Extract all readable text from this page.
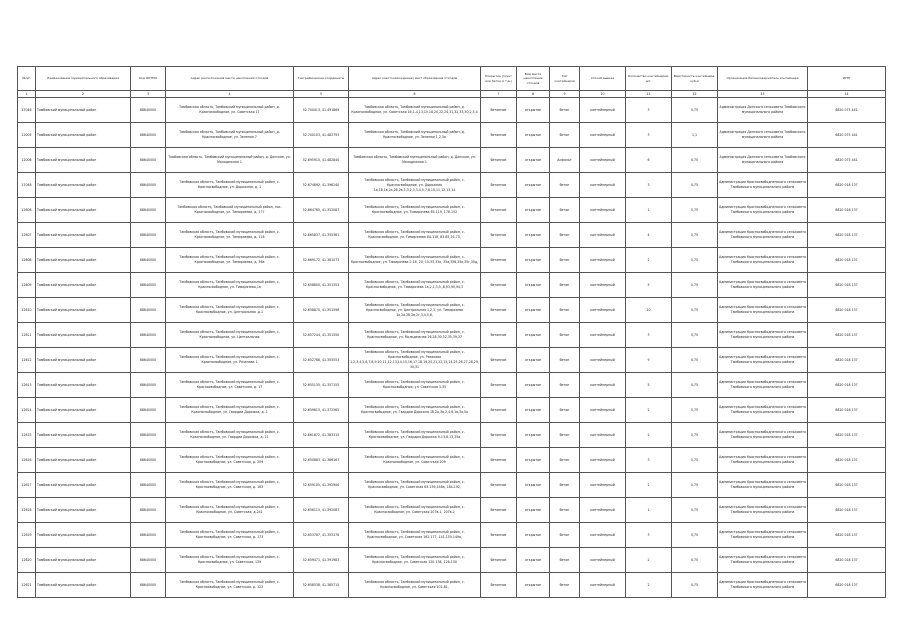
№п/п	Наименование муниципального образования	Код ОКТМО	Адрес расположения места накопления отходов	Географические координаты	Адрес (местонахождение) мест образования отходов	Покрытие (грунт или бетон и т.д.)	Вид места накопления отходов	Тип контейнеров	Способ вывоза	Количество контейнеров, шт.	Вместимость контейнера, куб.м	Организация-балансодержатель контейнера	ИНН
1	2	3	4	5	6	7	8	9	10	11	12	13	14
17046	Тамбовский муниципальный район	68640000	Тамбовская область, Тамбовский муниципальный район, д. Красносвободное, ул. Советская 17	52.700413, 41.491869	Тамбовская область, Тамбовский муниципальный район, д. Красносвободное, ул. Советская 16,1-4,13,15,18,20,22,24,31,32,33,30,2,3,4	бетонное	открытое	бетон	контейнерный	3	0,75	Администрация Донского сельсовета Тамбовского муниципального района	6820 075 441
12005	Тамбовский муниципальный район	68640000	Тамбовская область, Тамбовский муниципальный район, д. Красносвободное, ул. Зеленая 7	52.700103, 41.483793	Тамбовская область, Тамбовский муниципальный район, д. Красносвободное, ул. Зеленая 1,2,3а	бетонное	открытое	бетон	контейнерный	3	1,1	Администрация Донского сельсовета Тамбовского муниципального района	6820 075 441
12006	Тамбовский муниципальный район	68640000	Тамбовская область, Тамбовский муниципальный район, д. Донское, ул. Молодежная 1	52.695910, 41.482840	Тамбовская область, Тамбовский муниципальный район, д. Донское, ул. Молодежная 1	бетонное	открытое	Асфальт	контейнерный	6	0,75	Администрация Донского сельсовета Тамбовского муниципального района	6820 075 441
17048	Тамбовский муниципальный район	68640000	Тамбовская область, Тамбовский муниципальный район, с. Красносвободное, ул. Дорожная, д. 1	52.674892, 41.396240	Тамбовская область, Тамбовский муниципальный район, с. Красносвободное, ул. Дорожная 1а,1б,1в,2а,2б,2в,3,3,2,3,3,4,5,7,8,10,11,12,13,14	бетонное	открытое	бетон	контейнерный	3	0,75	Администрация Красносвободненского сельсовета Тамбовского муниципального района	6820 018 137
12606	Тамбовский муниципальный район	68640000	Тамбовская область, Тамбовский муниципальный район, пос. Красносвободное, ул. Тимирязева, д. 177	52.664765, 41.352087	Тамбовская область, Тамбовский муниципальный район, с. Красносвободное, ул. Тимирязева 65-119, 178-152	бетонное	открытое	бетон	контейнерный	1	0,75	Администрация Красносвободненского сельсовета Тамбовского муниципального района	6820 018 137
12607	Тамбовский муниципальный район	68640000	Тамбовская область, Тамбовский муниципальный район, с. Красносвободное, ул. Тимирязева, д. 118	52.665837, 41.355361	Тамбовская область, Тамбовский муниципальный район, с. Красносвободное, ул. Тимирязева 84-118, 83-85,25-70,	бетонное	открытое	бетон	контейнерный	4	0,75	Администрация Красносвободненского сельсовета Тамбовского муниципального района	6820 018 137
12608	Тамбовский муниципальный район	68640000	Тамбовская область, Тамбовский муниципальный район, с. Красносвободное, ул. Тимирязева, д. 36а	52.669172, 41.361072	Тамбовская область, Тамбовский муниципальный район, с. Красносвободное, ул. Тимирязева 2-16, 20, 15-33,33а, 35а,35б,35в,35г,35д,	бетонное	открытое	бетон	контейнерный	2	0,75	Администрация Красносвободненского сельсовета Тамбовского муниципального района	6820 018 137
12609	Тамбовский муниципальный район	68640000	Тамбовская область, Тамбовский муниципальный район, с. Красносвободное, ул. Тимирязева,1а	52.658800, 41.351353	Тамбовская область, Тамбовский муниципальный район, с. Красносвободное, ул. Тимирязева 1а,2,1,3,5,,8,93,95,94,3	бетонное	открытое	бетон	контейнерный	5	0,75	Администрация Красносвободненского сельсовета Тамбовского муниципального района	6820 018 137
12610	Тамбовский муниципальный район	68640000	Тамбовская область, Тамбовский муниципальный район, с. Красносвободное, ул. Центральная ,д.1	52.658870, 41.351598	Тамбовская область, Тамбовский муниципальный район, с. Красносвободное, ул. Центральная 1,2,3, ул. Тимирязева 1а,2а,2б,2в,2г,3,4,5,6,	бетонное	открытое	бетон	контейнерный	10	0,75	Администрация Красносвободненского сельсовета Тамбовского муниципального района	6820 018 137
12611	Тамбовский муниципальный район	68640000	Тамбовская область, Тамбовский муниципальный район, с. Красносвободное, ул. Центральная	52.657244, 41.351550	Тамбовская область, Тамбовский муниципальный район, с. Красносвободное, ул. Молодежная 26,28,30,32,35,39,37	бетонное	открытое	бетон	контейнерный	3	0,75	Администрация Красносвободненского сельсовета Тамбовского муниципального района	6820 018 137
12612	Тамбовский муниципальный район	68640000	Тамбовская область, Тамбовский муниципальный район, с. Красносвободное, ул. Рязанова 1	52.652788, 41.355553	Тамбовская область, Тамбовский муниципальный район, с. Красносвободное, ул. Рязанова 1,2,3,4,5,6,7,8,9,10,11,12,13,14,15,16,17,18,19,20,21,22,23,24,25,26,27,28,29,30,31	бетонное	открытое	бетон	контейнерный	9	0,75	Администрация Красносвободненского сельсовета Тамбовского муниципального района	6820 018 137
12613	Тамбовский муниципальный район	68640000	Тамбовская область, Тамбовский муниципальный район, с. Красносвободное, ул. Советская, д. 17	52.655135, 41.357155	Тамбовская область, Тамбовский муниципальный район, с. Красносвободное, ул. Советская 1-35	бетонное	открытое	бетон	контейнерный	5	0,75	Администрация Красносвободненского сельсовета Тамбовского муниципального района	6820 018 137
12614	Тамбовский муниципальный район	68640000	Тамбовская область, Тамбовский муниципальный район, с. Красносвободное, ул. Гвардии Дорожка, д. 1	52.659615, 41.372565	Тамбовская область, Тамбовский муниципальный район, с. Красносвободное, ул. Гвардии Дорожка 1б,2а,3а,2,4,6,1в,3а,5а	бетонное	открытое	бетон	контейнерный	2	0,75	Администрация Красносвободненского сельсовета Тамбовского муниципального района	6820 018 137
12615	Тамбовский муниципальный район	68640000	Тамбовская область, Тамбовский муниципальный район, с. Красносвободное, ул. Гвардии Дорожка, д. 11	52.661872, 41.383115	Тамбовская область, Тамбовский муниципальный район, с. Красносвободное, ул. Гвардии Дорожка 9-13,8-13,25а	бетонное	открытое	бетон	контейнерный	2	0,75	Администрация Красносвободненского сельсовета Тамбовского муниципального района	6820 018 137
12616	Тамбовский муниципальный район	68640000	Тамбовская область, Тамбовский муниципальный район, с. Красносвободное, ул. Советская, д. 209	52.650883, 41.386167	Тамбовская область, Тамбовский муниципальный район, с. Красносвободное, ул. Советская 209	бетонное	открытое	бетон	контейнерный	3	0,75	Администрация Красносвободненского сельсовета Тамбовского муниципального района	6820 018 137
12617	Тамбовский муниципальный район	68640000	Тамбовская область, Тамбовский муниципальный район, с. Красносвободное, ул. Советская, д. 163	52.659105, 41.392906	Тамбовская область, Тамбовский муниципальный район, с. Красносвободное, ул. Советская 63-159,158а, 184-192,	бетонное	открытое	бетон	контейнерный	2	0,75	Администрация Красносвободненского сельсовета Тамбовского муниципального района	6820 018 137
12618	Тамбовский муниципальный район	68640000	Тамбовская область, Тамбовский муниципальный район, с. Красносвободное, ул. Советская, д.241	52.656115, 41.392087	Тамбовская область, Тамбовский муниципальный район, с. Красносвободное, ул. Советская 207в-1, 207в-2	бетонное	открытое	бетон	контейнерный	1	0,75	Администрация Красносвободненского сельсовета Тамбовского муниципального района	6820 018 137
12619	Тамбовский муниципальный район	68640000	Тамбовская область, Тамбовский муниципальный район, с. Красносвободное, ул. Советская, д. 173	52.653787, 41.393176	Тамбовская область, Тамбовский муниципальный район, с. Красносвободное, ул. Советская 162-177, 141-155,149а,	бетонное	открытое	бетон	контейнерный	3	0,75	Администрация Красносвободненского сельсовета Тамбовского муниципального района	6820 018 137
12620	Тамбовский муниципальный район	68640000	Тамбовская область, Тамбовский муниципальный район, с. Красносвободное, ул. Советская, 139	52.659471, 41.391983	Тамбовская область, Тамбовский муниципальный район, с. Красносвободное, ул. Советская 120-138, 126-150	бетонное	открытое	бетон	контейнерный	2	0,75	Администрация Красносвободненского сельсовета Тамбовского муниципального района	6820 018 137
12621	Тамбовский муниципальный район	68640000	Тамбовская область, Тамбовский муниципальный район, с. Красносвободное, ул. Советская, д. 122	52.658538, 41.385715	Тамбовская область, Тамбовский муниципальный район, с. Красносвободное, ул. Советская 101-81,	бетонное	открытое	бетон	контейнерный	2	0,75	Администрация Красносвободненского сельсовета Тамбовского муниципального района	6820 018 137
